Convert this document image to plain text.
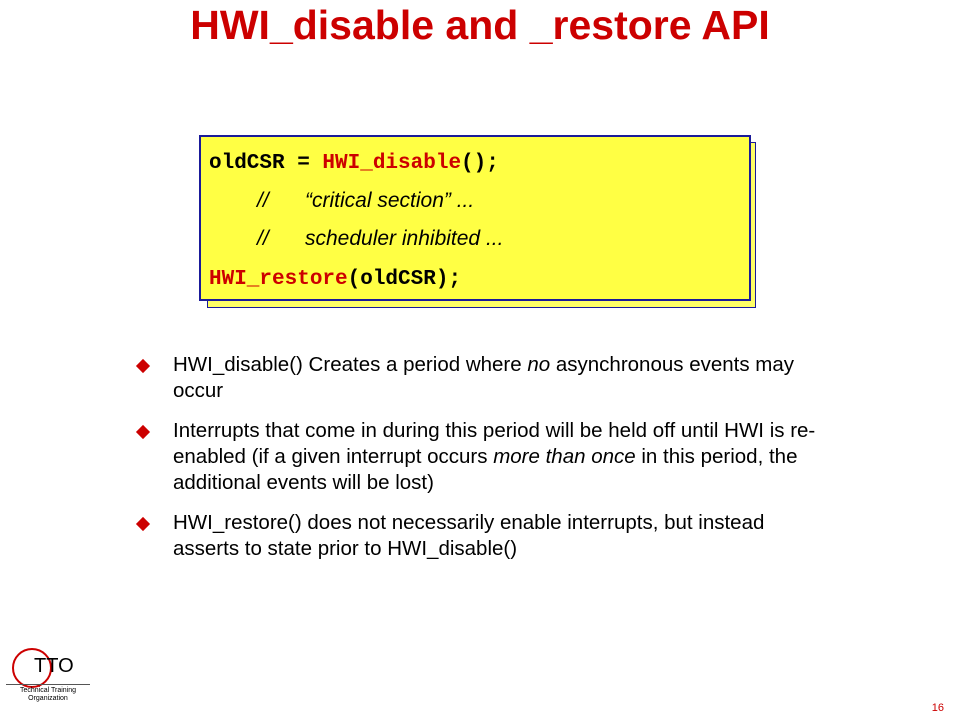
HWI_disable and _restore API
oldCSR = HWI_disable();
// “critical section” ...
// scheduler inhibited ...
HWI_restore(oldCSR);
HWI_disable() Creates a period where no asynchronous events may occur
Interrupts that come in during this period will be held off until HWI is re-enabled (if a given interrupt occurs more than once in this period, the additional events will be lost)
HWI_restore() does not necessarily enable interrupts, but instead asserts to state prior to HWI_disable()
TTO
Technical Training
Organization
16
